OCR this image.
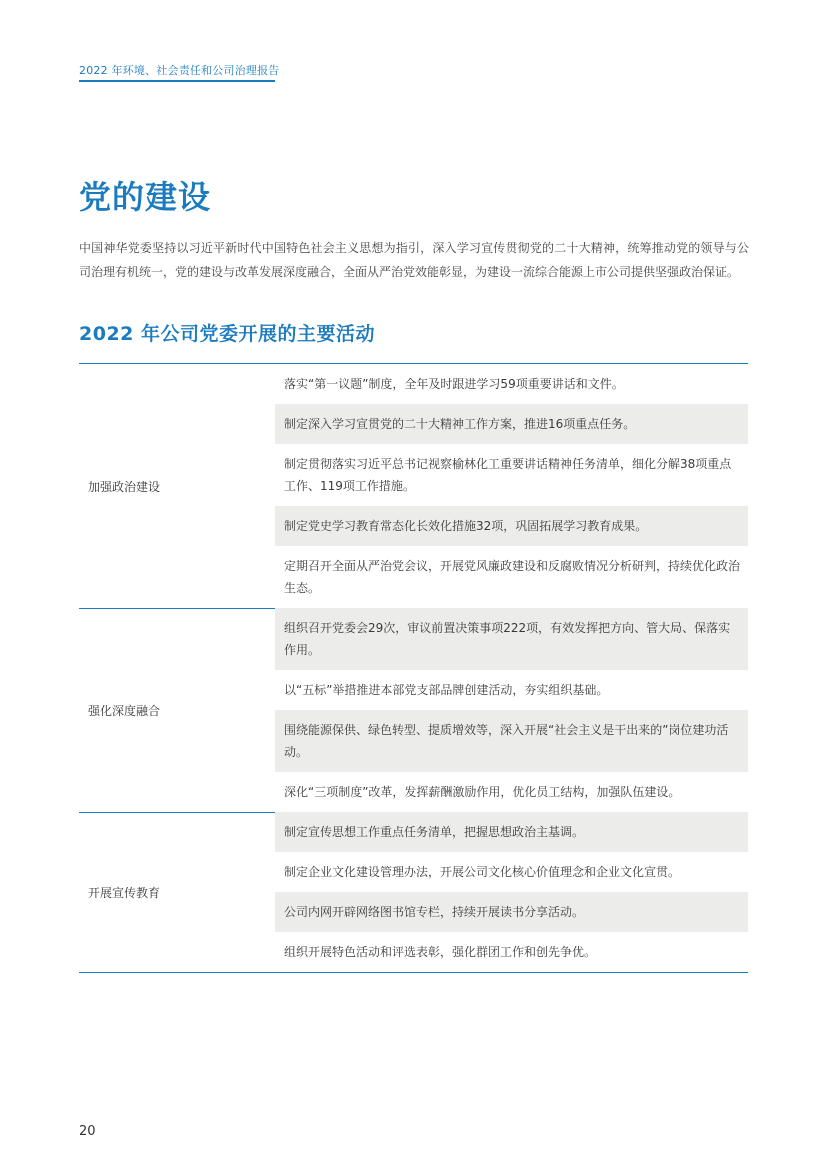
2022 年环境、社会责任和公司治理报告
党的建设

中国神华党委坚持以习近平新时代中国特色社会主义思想为指引，深入学习宣传贯彻党的二十大精神，统筹推动党的领导与公司治理有机统一，党的建设与改革发展深度融合，全面从严治党效能彰显，为建设一流综合能源上市公司提供坚强政治保证。

2022 年公司党委开展的主要活动
加强政治建设
落实“第一议题”制度，全年及时跟进学习59项重要讲话和文件。
制定深入学习宣贯党的二十大精神工作方案，推进16项重点任务。
制定贯彻落实习近平总书记视察榆林化工重要讲话精神任务清单，细化分解38项重点工作、119项工作措施。
制定党史学习教育常态化长效化措施32项，巩固拓展学习教育成果。
定期召开全面从严治党会议，开展党风廉政建设和反腐败情况分析研判，持续优化政治生态。
强化深度融合
组织召开党委会29次，审议前置决策事项222项，有效发挥把方向、管大局、保落实作用。
以“五标”举措推进本部党支部品牌创建活动，夯实组织基础。
围绕能源保供、绿色转型、提质增效等，深入开展“社会主义是干出来的”岗位建功活动。
深化“三项制度”改革，发挥薪酬激励作用，优化员工结构，加强队伍建设。
开展宣传教育
制定宣传思想工作重点任务清单，把握思想政治主基调。
制定企业文化建设管理办法，开展公司文化核心价值理念和企业文化宣贯。
公司内网开辟网络图书馆专栏，持续开展读书分享活动。
组织开展特色活动和评选表彰，强化群团工作和创先争优。
20
